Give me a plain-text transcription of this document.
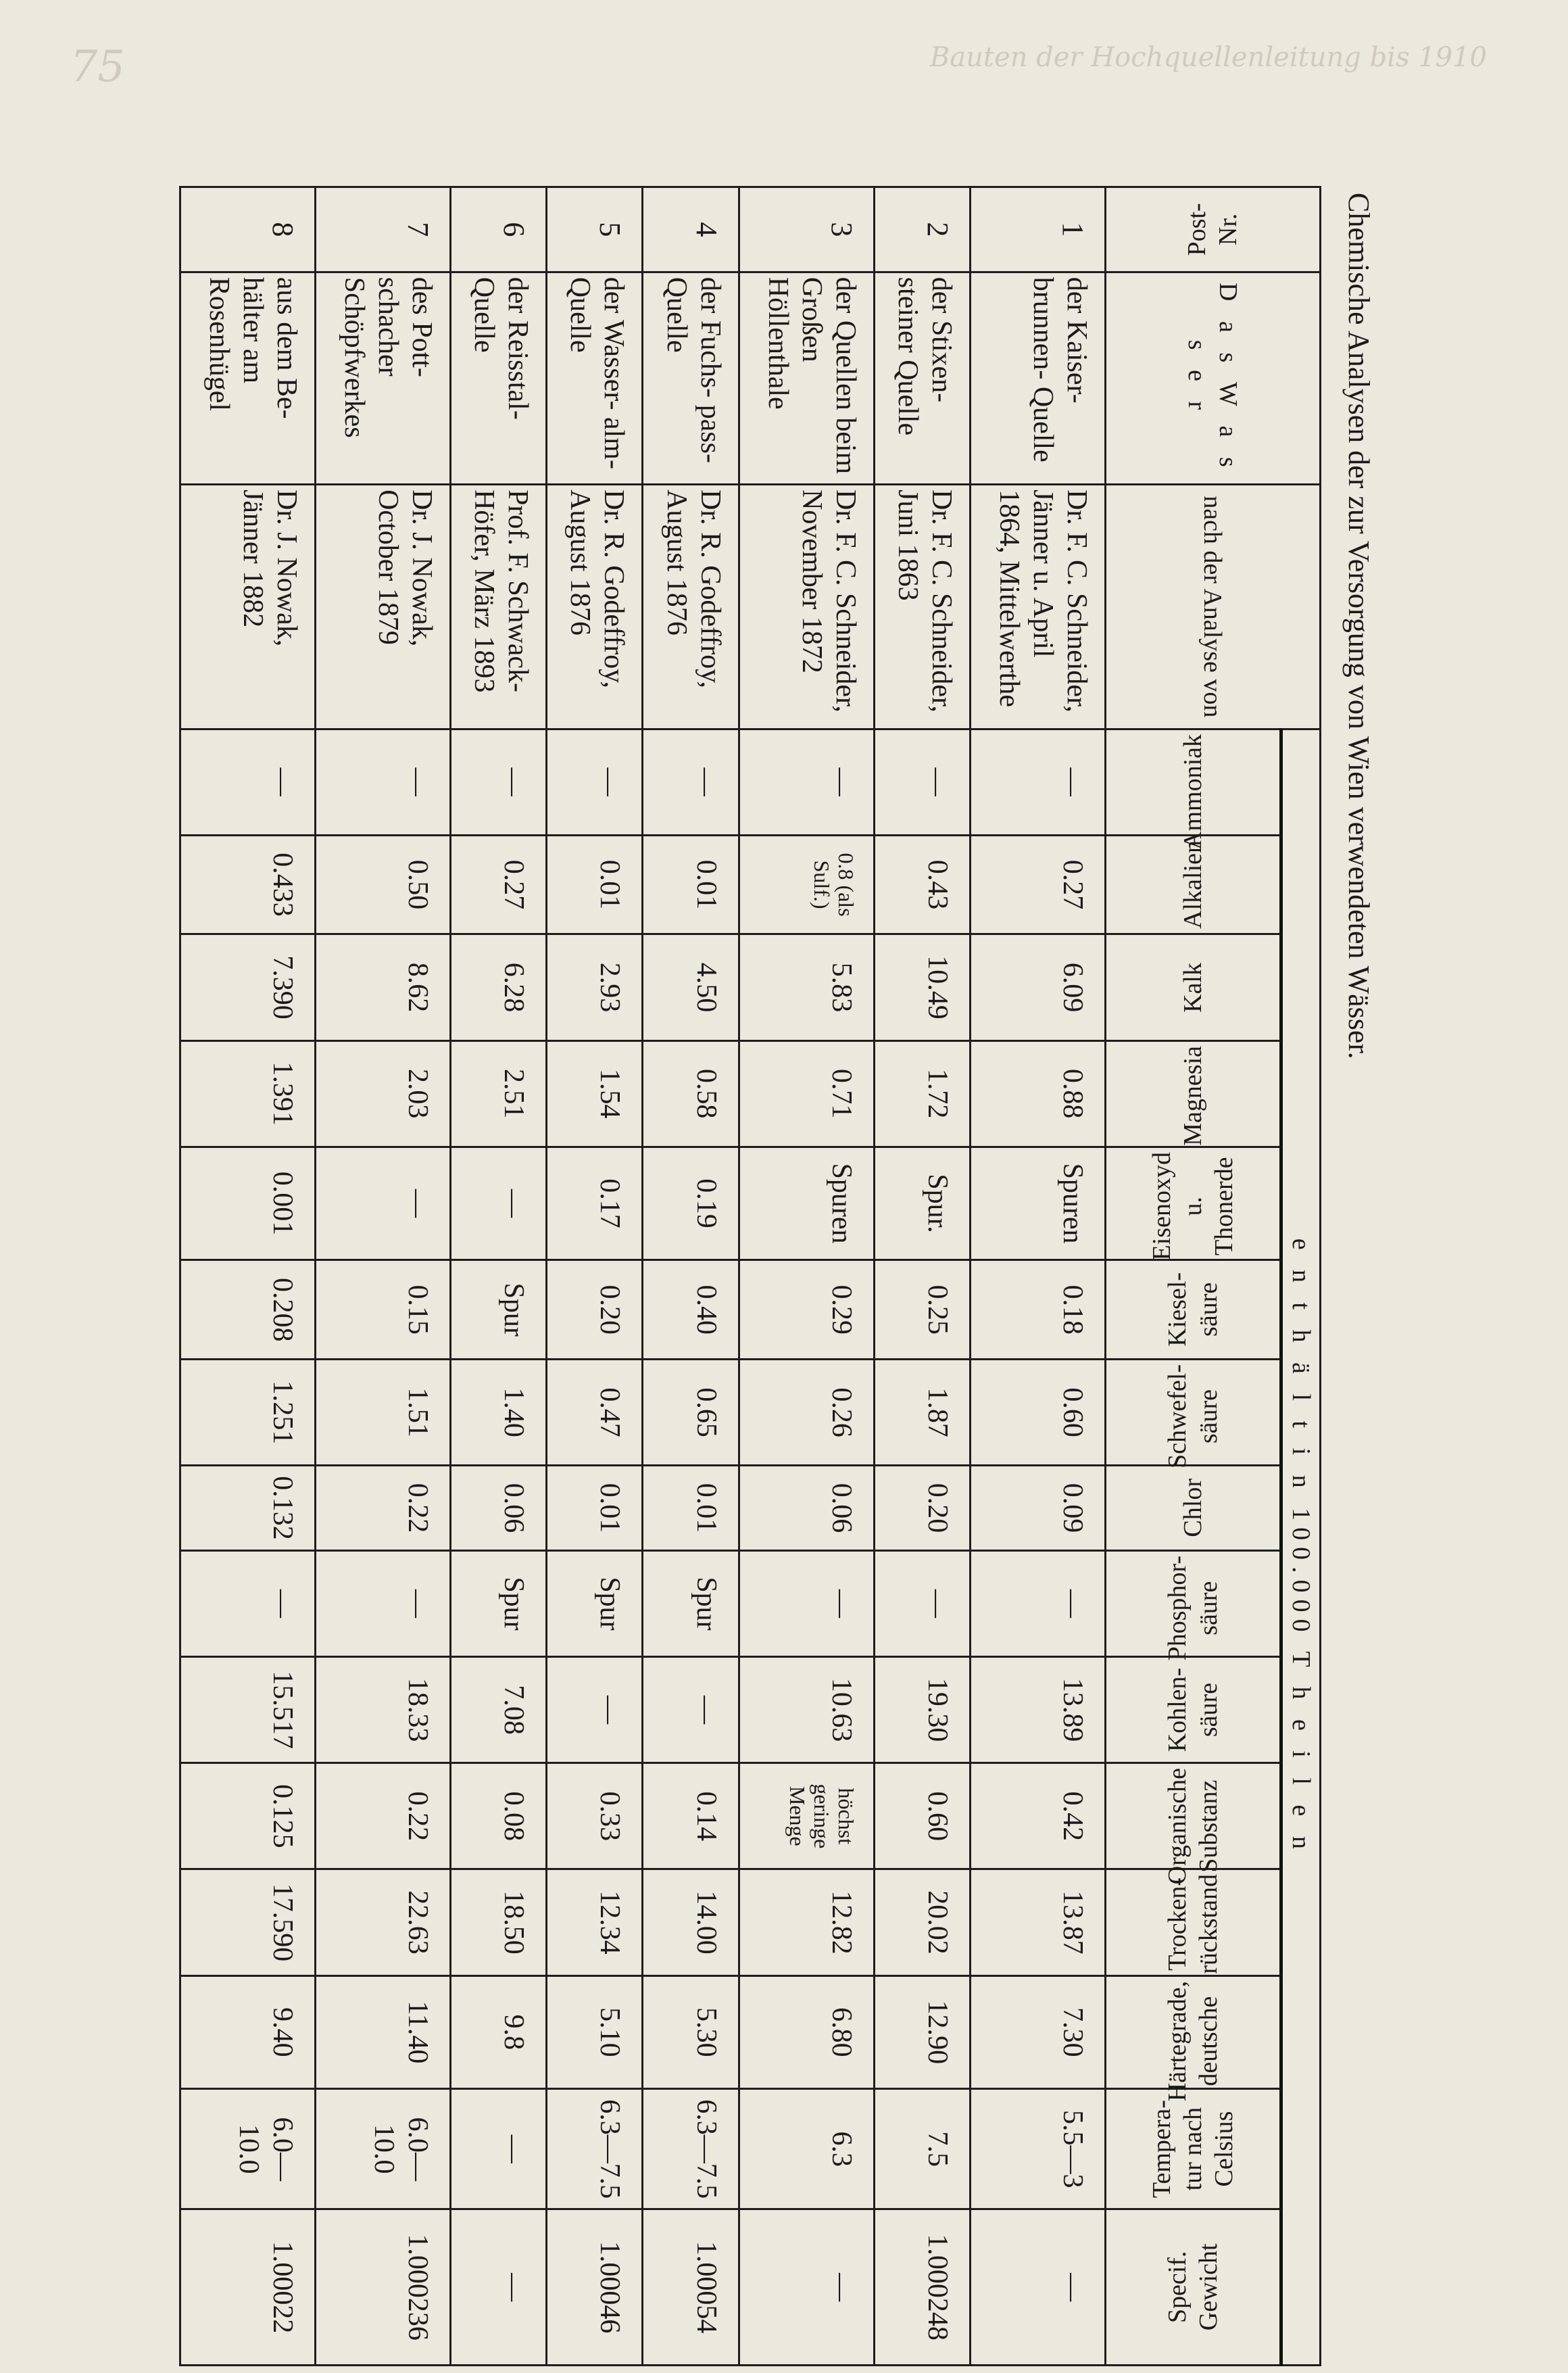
75	Bauten der Hochquellenleitung bis 1910
Chemische Analysen der zur Versorgung von Wien verwendeten Wässer.
Post-Nr.	D a s W a s s e r	nach der Analyse von	e n t h ä l t i n 100.000 T h e i l e n														
			Ammoniak	Alkalien	Kalk	Magnesia	Eisenoxyd u. Thonerde	Kiesel- säure	Schwefel- säure	Chlor	Phosphor- säure	Kohlen- säure	Organische Substanz	Trocken- rückstand	Härtegrade, deutsche	Tempera- tur nach Celsius	Specif. Gewicht
1	der Kaiser- brunnen- Quelle	Dr. F. C. Schneider, Jänner u. April 1864, Mittelwerthe	—	0.27	6.09	0.88	Spuren	0.18	0.60	0.09	—	13.89	0.42	13.87	7.30	5.5—3	—
2	der Stixen- steiner Quelle	Dr. F. C. Schneider, Juni 1863	—	0.43	10.49	1.72	Spur.	0.25	1.87	0.20	—	19.30	0.60	20.02	12.90	7.5	1.000248
3	der Quellen beim Großen Höllenthale	Dr. F. C. Schneider, November 1872	—	0.8 (als Sulf.)	5.83	0.71	Spuren	0.29	0.26	0.06	—	10.63	höchst geringe Menge	12.82	6.80	6.3	—
4	der Fuchs- pass-Quelle	Dr. R. Godeffroy, August 1876	—	0.01	4.50	0.58	0.19	0.40	0.65	0.01	Spur	—	0.14	14.00	5.30	6.3—7.5	1.00054
5	der Wasser- alm-Quelle	Dr. R. Godeffroy, August 1876	—	0.01	2.93	1.54	0.17	0.20	0.47	0.01	Spur	—	0.33	12.34	5.10	6.3—7.5	1.00046
6	der Reisstal- Quelle	Prof. F. Schwack- Höfer, März 1893	—	0.27	6.28	2.51	—	Spur	1.40	0.06	Spur	7.08	0.08	18.50	9.8	—	—
7	des Pott- schacher Schöpfwerkes	Dr. J. Nowak, October 1879	—	0.50	8.62	2.03	—	0.15	1.51	0.22	—	18.33	0.22	22.63	11.40	6.0—10.0	1.000236
8	aus dem Be- hälter am Rosenhügel	Dr. J. Nowak, Jänner 1882	—	0.433	7.390	1.391	0.001	0.208	1.251	0.132	—	15.517	0.125	17.590	9.40	6.0—10.0	1.00022
